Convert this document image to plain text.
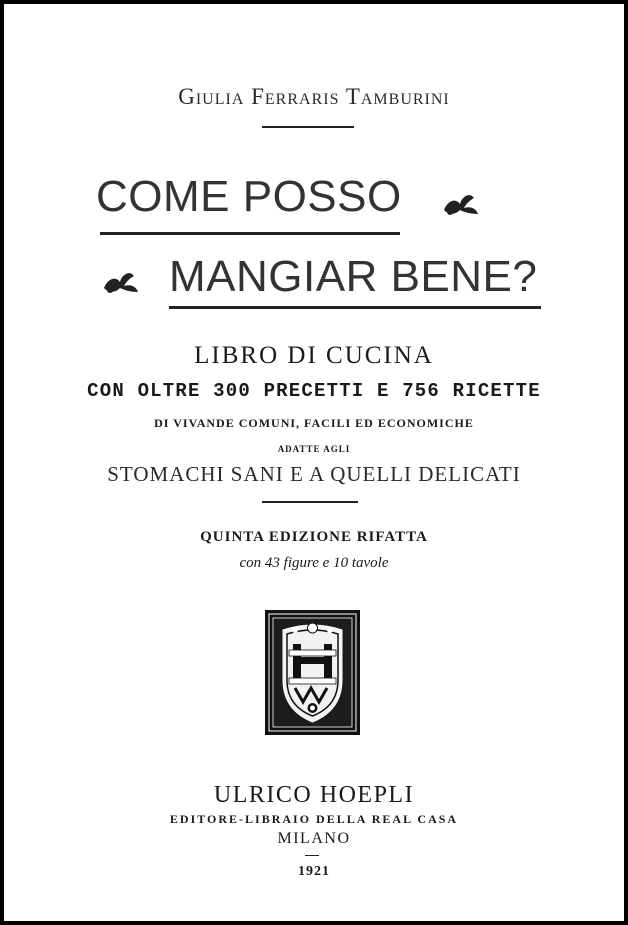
Giulia Ferraris Tamburini
COME POSSO
MANGIAR BENE?
LIBRO DI CUCINA
CON OLTRE 300 PRECETTI E 756 RICETTE
DI VIVANDE COMUNI, FACILI ED ECONOMICHE
ADATTE AGLI
STOMACHI SANI E A QUELLI DELICATI
QUINTA EDIZIONE RIFATTA
con 43 figure e 10 tavole
ULRICO HOEPLI
EDITORE-LIBRAIO DELLA REAL CASA
MILANO
1921
